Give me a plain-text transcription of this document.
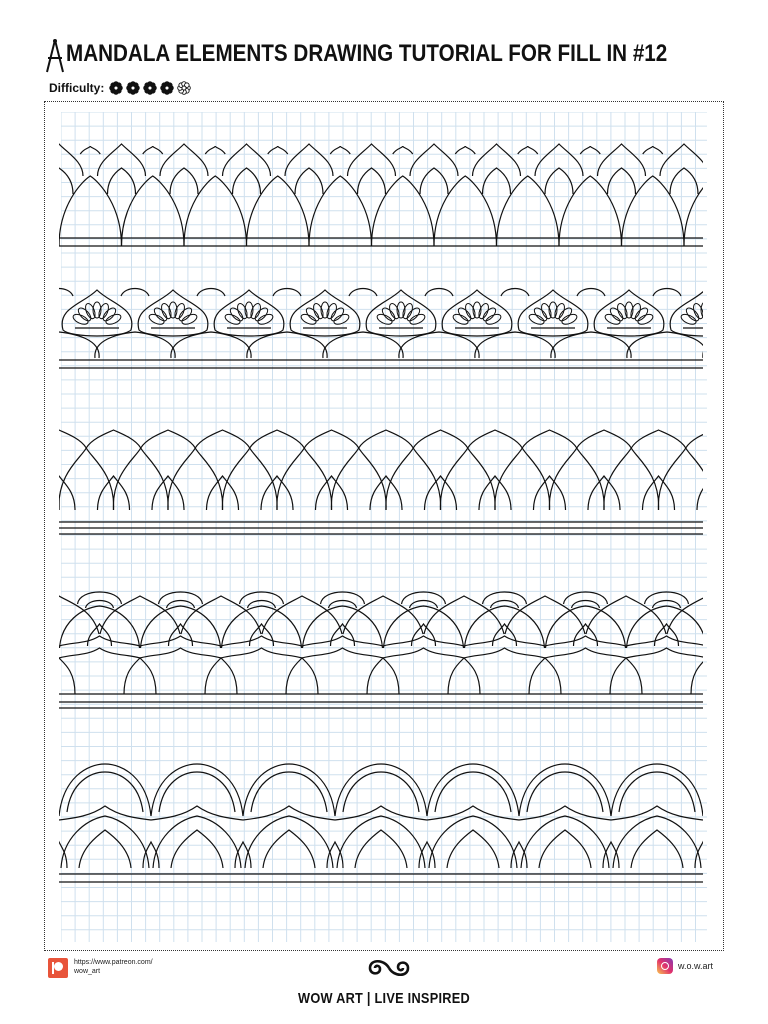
MANDALA ELEMENTS DRAWING TUTORIAL FOR FILL IN #12
Difficulty:
https://www.patreon.com/
wow_art
w.o.w.art
WOW ART | LIVE INSPIRED
